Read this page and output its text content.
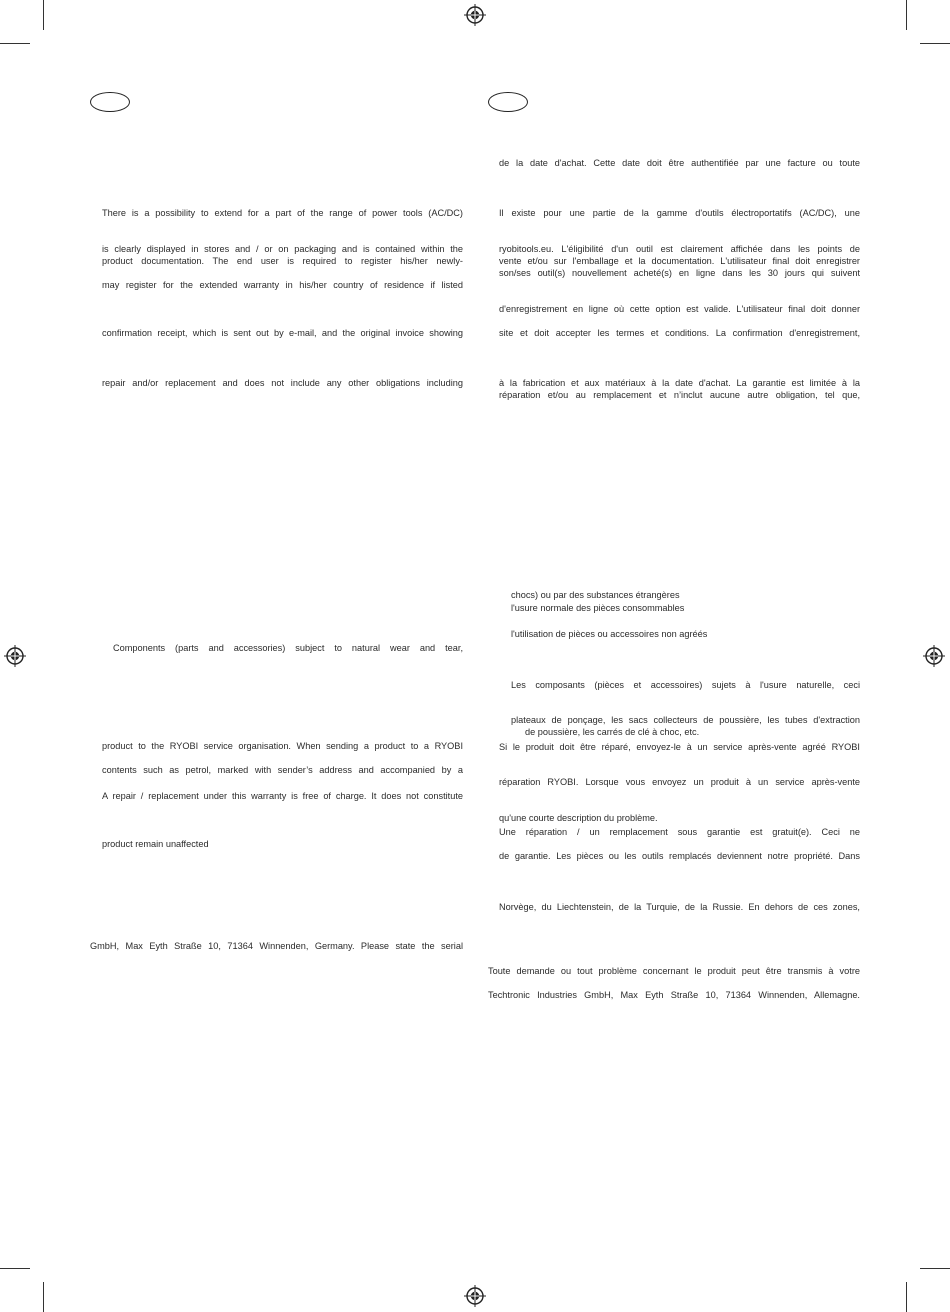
There is a possibility to extend for a part of the range of power tools (AC/DC)
is clearly displayed in stores and / or on packaging and is contained within the
product documentation. The end user is required to register his/her newly-
may register for the extended warranty in his/her country of residence if listed
confirmation receipt, which is sent out by e-mail, and the original invoice showing
repair and/or replacement and does not include any other obligations including
Components (parts and accessories) subject to natural wear and tear,
product to the RYOBI service organisation. When sending a product to a RYOBI
contents such as petrol, marked with sender’s address and accompanied by a
A repair / replacement under this warranty is free of charge. It does not constitute
product remain unaffected
GmbH, Max Eyth Straße 10, 71364 Winnenden, Germany. Please state the serial
de la date d'achat. Cette date doit être authentifiée par une facture ou toute
Il existe pour une partie de la gamme d'outils électroportatifs (AC/DC), une
ryobitools.eu. L'éligibilité d'un outil est clairement affichée dans les points de
vente et/ou sur l'emballage et la documentation. L'utilisateur final doit enregistrer
son/ses outil(s) nouvellement acheté(s) en ligne dans les 30 jours qui suivent
d'enregistrement en ligne où cette option est valide. L'utilisateur final doit donner
site et doit accepter les termes et conditions. La confirmation d'enregistrement,
à la fabrication et aux matériaux à la date d'achat. La garantie est limitée à la
réparation et/ou au remplacement et n’inclut aucune autre obligation, tel que,
chocs) ou par des substances étrangères
l'usure normale des pièces consommables
l'utilisation de pièces ou accessoires non agréés
Les composants (pièces et accessoires) sujets à l'usure naturelle, ceci
plateaux de ponçage, les sacs collecteurs de poussière, les tubes d'extraction
de poussière, les carrés de clé à choc, etc.
Si le produit doit être réparé, envoyez-le à un service après-vente agréé RYOBI
réparation RYOBI. Lorsque vous envoyez un produit à un service après-vente
qu'une courte description du problème.
Une réparation / un remplacement sous garantie est gratuit(e). Ceci ne
de garantie. Les pièces ou les outils remplacés deviennent notre propriété. Dans
Norvège, du Liechtenstein, de la Turquie, de la Russie. En dehors de ces zones,
Toute demande ou tout problème concernant le produit peut être transmis à votre
Techtronic Industries GmbH, Max Eyth Straße 10, 71364 Winnenden, Allemagne.
